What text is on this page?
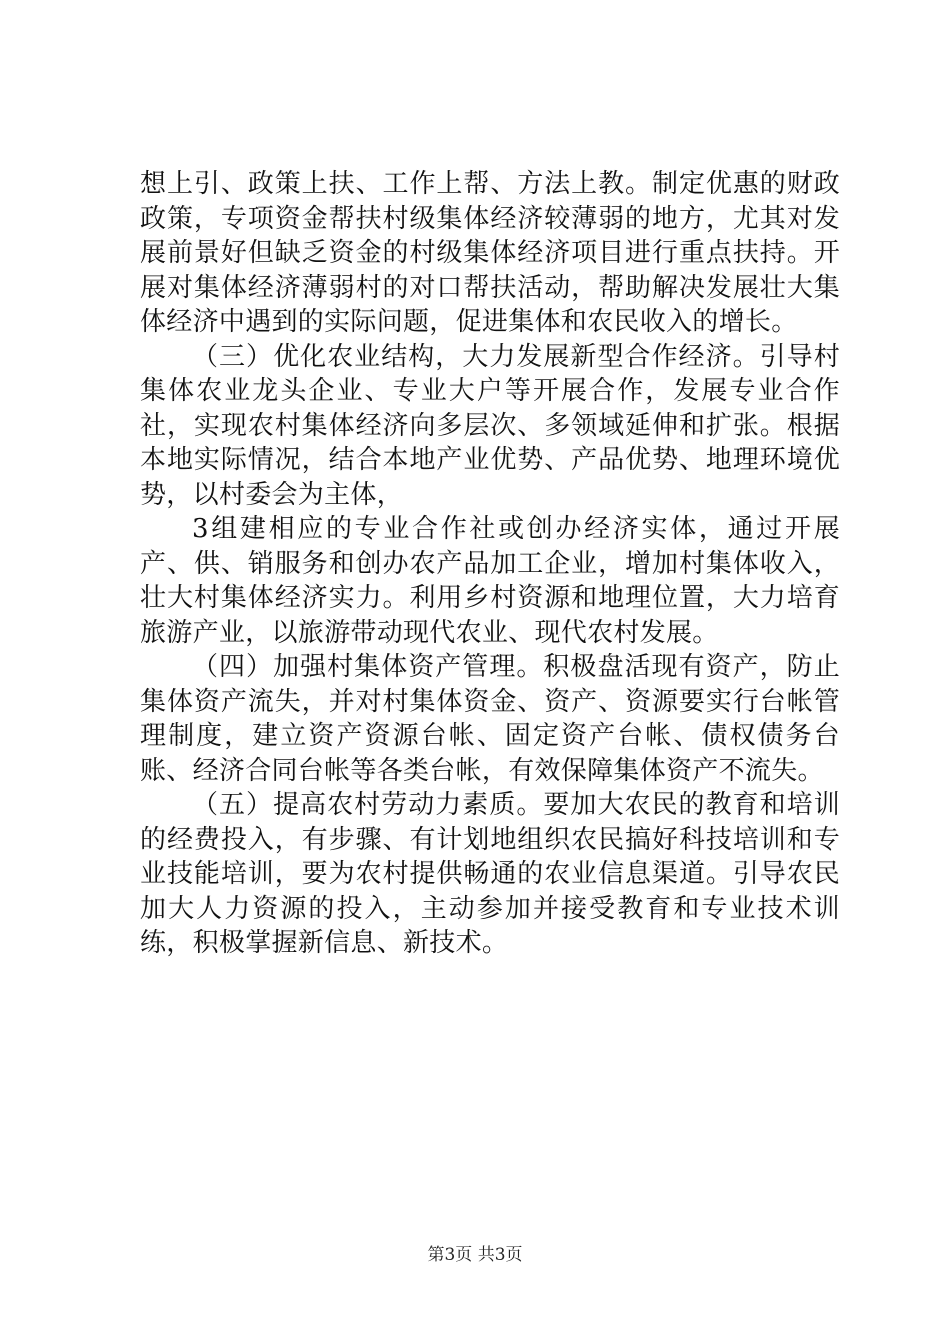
想上引、政策上扶、工作上帮、方法上教。制定优惠的财政政策，专项资金帮扶村级集体经济较薄弱的地方，尤其对发展前景好但缺乏资金的村级集体经济项目进行重点扶持。开展对集体经济薄弱村的对口帮扶活动，帮助解决发展壮大集体经济中遇到的实际问题，促进集体和农民收入的增长。

（三）优化农业结构，大力发展新型合作经济。引导村集体农业龙头企业、专业大户等开展合作，发展专业合作社，实现农村集体经济向多层次、多领域延伸和扩张。根据本地实际情况，结合本地产业优势、产品优势、地理环境优势，以村委会为主体，

3组建相应的专业合作社或创办经济实体，通过开展产、供、销服务和创办农产品加工企业，增加村集体收入，壮大村集体经济实力。利用乡村资源和地理位置，大力培育旅游产业，以旅游带动现代农业、现代农村发展。

（四）加强村集体资产管理。积极盘活现有资产，防止集体资产流失，并对村集体资金、资产、资源要实行台帐管理制度，建立资产资源台帐、固定资产台帐、债权债务台账、经济合同台帐等各类台帐，有效保障集体资产不流失。

（五）提高农村劳动力素质。要加大农民的教育和培训的经费投入，有步骤、有计划地组织农民搞好科技培训和专业技能培训，要为农村提供畅通的农业信息渠道。引导农民加大人力资源的投入，主动参加并接受教育和专业技术训练，积极掌握新信息、新技术。

第3页 共3页
